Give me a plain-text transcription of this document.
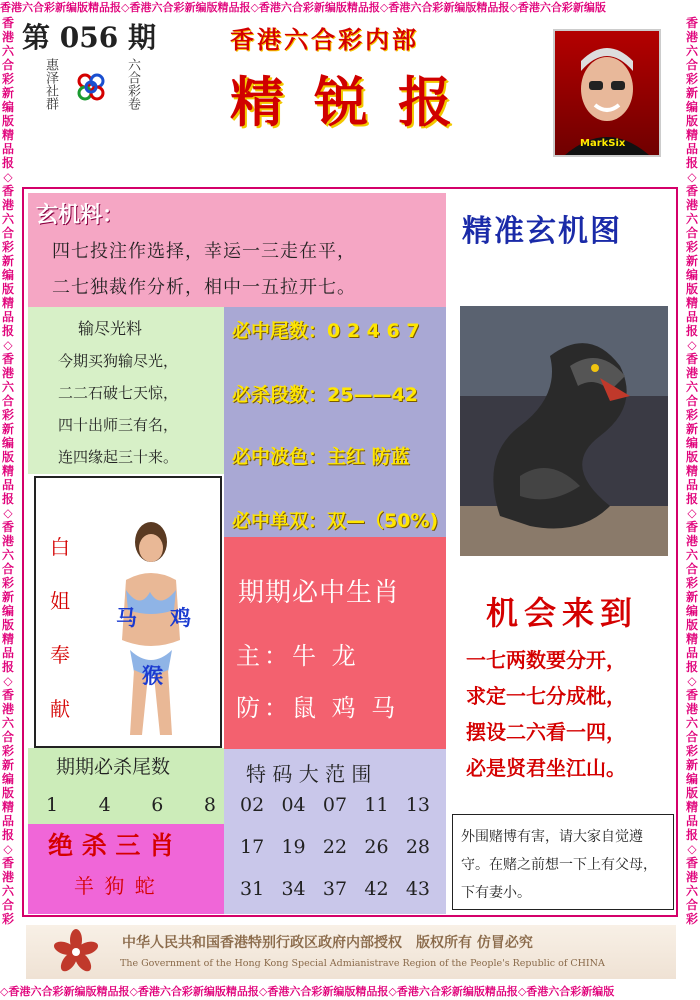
香港六合彩新编版精品报◇香港六合彩新编版精品报◇香港六合彩新编版精品报◇香港六合彩新编版精品报◇香港六合彩新编版
◇香港六合彩新编版精品报◇香港六合彩新编版精品报◇香港六合彩新编版精品报◇香港六合彩新编版精品报◇香港六合彩新编版
香港六合彩新编版精品报◇香港六合彩新编版精品报◇香港六合彩新编版精品报◇香港六合彩新编版精品报◇香港六合彩新编版精品报◇香港六合彩
香港六合彩新编版精品报◇香港六合彩新编版精品报◇香港六合彩新编版精品报◇香港六合彩新编版精品报◇香港六合彩新编版精品报◇香港六合彩
第 056 期
惠泽社群	六合彩卷
香港六合彩内部
精锐报
MarkSix
玄机料：
四七投注作选择，幸运一三走在平，
二七独裁作分析，相中一五拉开七。
输尽光料
今期买狗输尽光，
二二石破七天惊，
四十出师三有名，
连四缘起三十来。
必中尾数：0 2 4 6 7
必杀段数：25——42
必中波色：主红 防蓝
必中单双：双—（50%)
白
姐
奉
献
马 鸡
猴
期期必中生肖
主：牛 龙
防：鼠 鸡 马
期期必杀尾数
1 4 6 8
绝 杀 三 肖
羊 狗 蛇
特 码 大 范 围
02 04 07 11 13
17 19 22 26 28
31 34 37 42 43
精准玄机图
机会来到
一七两数要分开，
求定一七分成枇，
摆设二六看一四，
必是贤君坐江山。
外围赌博有害，请大家自觉遵守。在赌之前想一下上有父母，下有妻小。
中华人民共和国香港特别行政区政府内部授权　版权所有 仿冒必究
The Government of the Hong Kong Special Admianistrave Region of the People's Republic of CHINA
